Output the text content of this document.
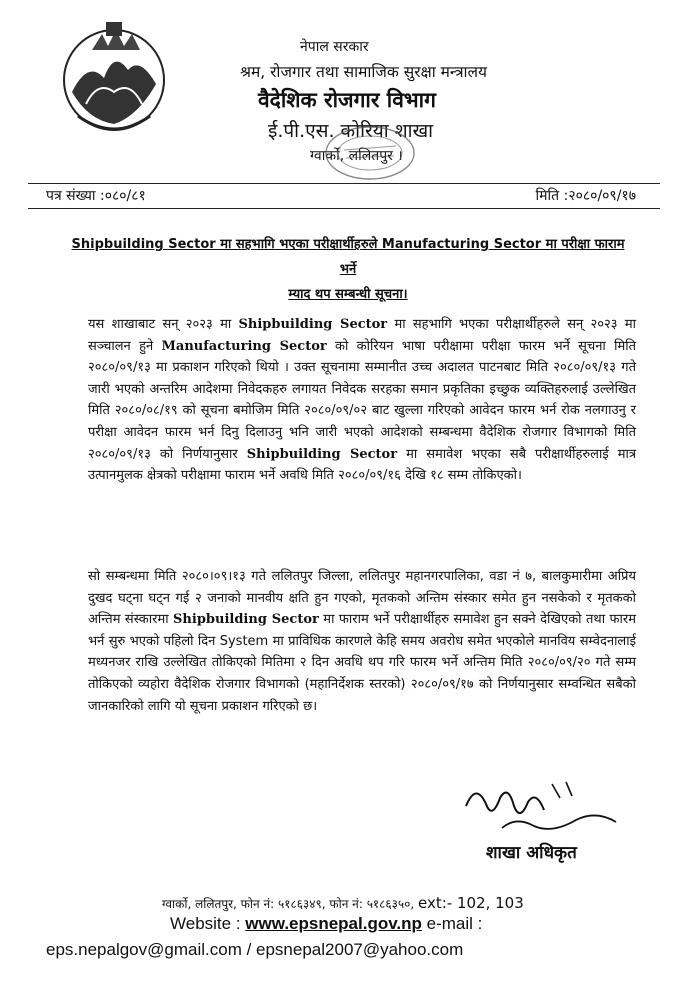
नेपाल सरकार
श्रम, रोजगार तथा सामाजिक सुरक्षा मन्त्रालय
वैदेशिक रोजगार विभाग
ई.पी.एस. कोरिया शाखा
ग्वार्को, ललितपुर ।
पत्र संख्या :०८०/८१	मिति :२०८०/०९/१७
Shipbuilding Sector मा सहभागि भएका परीक्षार्थीहरुले Manufacturing Sector मा परीक्षा फाराम भर्ने
म्याद थप सम्बन्धी सूचना।
यस शाखाबाट सन् २०२३ मा Shipbuilding Sector मा सहभागि भएका परीक्षार्थीहरुले सन् २०२३ मा सञ्चालन हुने Manufacturing Sector को कोरियन भाषा परीक्षामा परीक्षा फारम भर्ने सूचना मिति २०८०/०९/१३ मा प्रकाशन गरिएको थियो । उक्त सूचनामा सम्मानीत उच्च अदालत पाटनबाट मिति २०८०/०९/१३ गते जारी भएको अन्तरिम आदेशमा निवेदकहरु लगायत निवेदक सरहका समान प्रकृतिका इच्छुक व्यक्तिहरुलाई उल्लेखित मिति २०८०/०८/१९ को सूचना बमोजिम मिति २०८०/०९/०२ बाट खुल्ला गरिएको आवेदन फारम भर्न रोक नलगाउनु र परीक्षा आवेदन फारम भर्न दिनु दिलाउनु भनि जारी भएको आदेशको सम्बन्धमा वैदेशिक रोजगार विभागको मिति २०८०/०९/१३ को निर्णयानुसार Shipbuilding Sector मा समावेश भएका सबै परीक्षार्थीहरुलाई मात्र उत्पानमुलक क्षेत्रको परीक्षामा फाराम भर्ने अवधि मिति २०८०/०९/१६ देखि १८ सम्म तोकिएको।
सो सम्बन्धमा मिति २०८०।०९।१३ गते ललितपुर जिल्ला, ललितपुर महानगरपालिका, वडा नं ७, बालकुमारीमा अप्रिय दुखद घट्ना घट्न गई २ जनाको मानवीय क्षति हुन गएको, मृतकको अन्तिम संस्कार समेत हुन नसकेको र मृतकको अन्तिम संस्कारमा Shipbuilding Sector मा फाराम भर्ने परीक्षार्थीहरु समावेश हुन सक्ने देखिएको तथा फारम भर्न सुरु भएको पहिलो दिन System मा प्राविधिक कारणले केहि समय अवरोध समेत भएकोले मानविय सम्वेदनालाई मध्यनजर राखि उल्लेखित तोकिएको मितिमा २ दिन अवधि थप गरि फारम भर्ने अन्तिम मिति २०८०/०९/२० गते सम्म तोकिएको व्यहोरा वैदेशिक रोजगार विभागको (महानिर्देशक स्तरको) २०८०/०९/१७ को निर्णयानुसार सम्वन्धित सबैको जानकारिको लागि यो सूचना प्रकाशन गरिएको छ।
शाखा अधिकृत
ग्वार्को, ललितपुर, फोन नं: ५१८६३४९, फोन नं: ५१८६३५०, ext:- 102, 103
Website : www.epsnepal.gov.np e-mail :
eps.nepalgov@gmail.com / epsnepal2007@yahoo.com
